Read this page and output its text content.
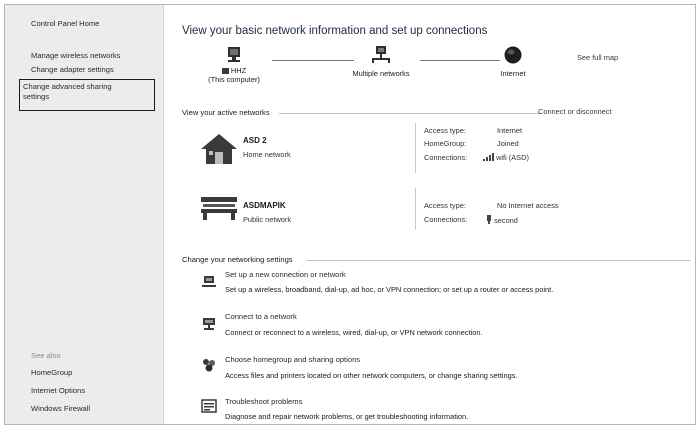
Control Panel Home
Manage wireless networks
Change adapter settings
Change advanced sharing
settings
See also
HomeGroup
Internet Options
Windows Firewall
View your basic network information and set up connections
See full map
HHZ
(This computer)
Multiple networks	Internet
View your active networks	Connect or disconnect
ASD 2
Home network
Access type:	Internet
HomeGroup:	Joined
Connections:	wifi (ASD)
ASDMAPIK
Public network
Access type:	No Internet access
Connections:	second
Change your networking settings
Set up a new connection or network
Set up a wireless, broadband, dial-up, ad hoc, or VPN connection; or set up a router or access point.
Connect to a network
Connect or reconnect to a wireless, wired, dial-up, or VPN network connection.
Choose homegroup and sharing options
Access files and printers located on other network computers, or change sharing settings.
Troubleshoot problems
Diagnose and repair network problems, or get troubleshooting information.
